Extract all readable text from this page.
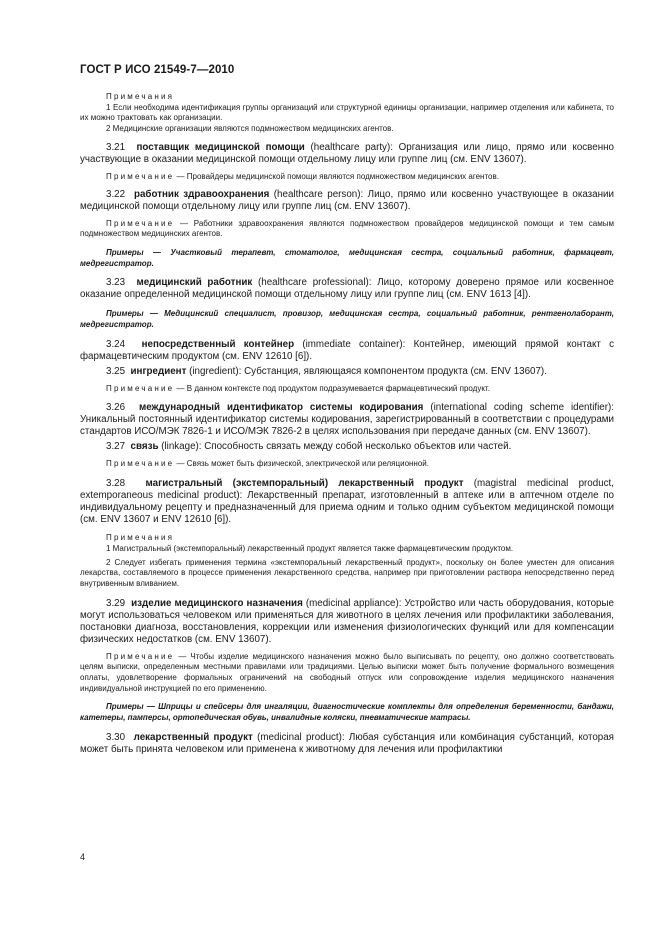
ГОСТ Р ИСО 21549-7—2010

Примечания

1 Если необходима идентификация группы организаций или структурной единицы организации, например отделения или кабинета, то их можно трактовать как организации.

2 Медицинские организации являются подмножеством медицинских агентов.

3.21 поставщик медицинской помощи (healthcare party): Организация или лицо, прямо или косвенно участвующие в оказании медицинской помощи отдельному лицу или группе лиц (см. ENV 13607).

Примечание — Провайдеры медицинской помощи являются подмножеством медицинских агентов.

3.22 работник здравоохранения (healthcare person): Лицо, прямо или косвенно участвующее в оказании медицинской помощи отдельному лицу или группе лиц (см. ENV 13607).

Примечание — Работники здравоохранения являются подмножеством провайдеров медицинской помощи и тем самым подмножеством медицинских агентов.

Примеры — Участковый терапевт, стоматолог, медицинская сестра, социальный работник, фармацевт, медрегистратор.

3.23 медицинский работник (healthcare professional): Лицо, которому доверено прямое или косвенное оказание определенной медицинской помощи отдельному лицу или группе лиц (см. ENV 1613 [4]).

Примеры — Медицинский специалист, провизор, медицинская сестра, социальный работник, рентгенолаборант, медрегистратор.

3.24 непосредственный контейнер (immediate container): Контейнер, имеющий прямой контакт с фармацевтическим продуктом (см. ENV 12610 [6]).

3.25 ингредиент (ingredient): Субстанция, являющаяся компонентом продукта (см. ENV 13607).

Примечание — В данном контексте под продуктом подразумевается фармацевтический продукт.

3.26 международный идентификатор системы кодирования (international coding scheme identifier): Уникальный постоянный идентификатор системы кодирования, зарегистрированный в соответствии с процедурами стандартов ИСО/МЭК 7826-1 и ИСО/МЭК 7826-2 в целях использования при передаче данных (см. ENV 13607).

3.27 связь (linkage): Способность связать между собой несколько объектов или частей.

Примечание — Связь может быть физической, электрической или реляционной.

3.28 магистральный (экстемпоральный) лекарственный продукт (magistral medicinal product, extemporaneous medicinal product): Лекарственный препарат, изготовленный в аптеке или в аптечном отделе по индивидуальному рецепту и предназначенный для приема одним и только одним субъектом медицинской помощи (см. ENV 13607 и ENV 12610 [6]).

Примечания

1 Магистральный (экстемпоральный) лекарственный продукт является также фармацевтическим продуктом.

2 Следует избегать применения термина «экстемпоральный лекарственный продукт», поскольку он более уместен для описания лекарства, составляемого в процессе применения лекарственного средства, например при приготовлении раствора непосредственно перед внутривенным вливанием.

3.29 изделие медицинского назначения (medicinal appliance): Устройство или часть оборудования, которые могут использоваться человеком или применяться для животного в целях лечения или профилактики заболевания, постановки диагноза, восстановления, коррекции или изменения физиологических функций или для компенсации физических недостатков (см. ENV 13607).

Примечание — Чтобы изделие медицинского назначения можно было выписывать по рецепту, оно должно соответствовать целям выписки, определенным местными правилами или традициями. Целью выписки может быть получение формального возмещения оплаты, удовлетворение формальных ограничений на свободный отпуск или сопровождение изделия медицинского назначения индивидуальной инструкцией по его применению.

Примеры — Шприцы и спейсеры для ингаляции, диагностические комплекты для определения беременности, бандажи, катетеры, памперсы, ортопедическая обувь, инвалидные коляски, пневматические матрасы.

3.30 лекарственный продукт (medicinal product): Любая субстанция или комбинация субстанций, которая может быть принята человеком или применена к животному для лечения или профилактики

4
